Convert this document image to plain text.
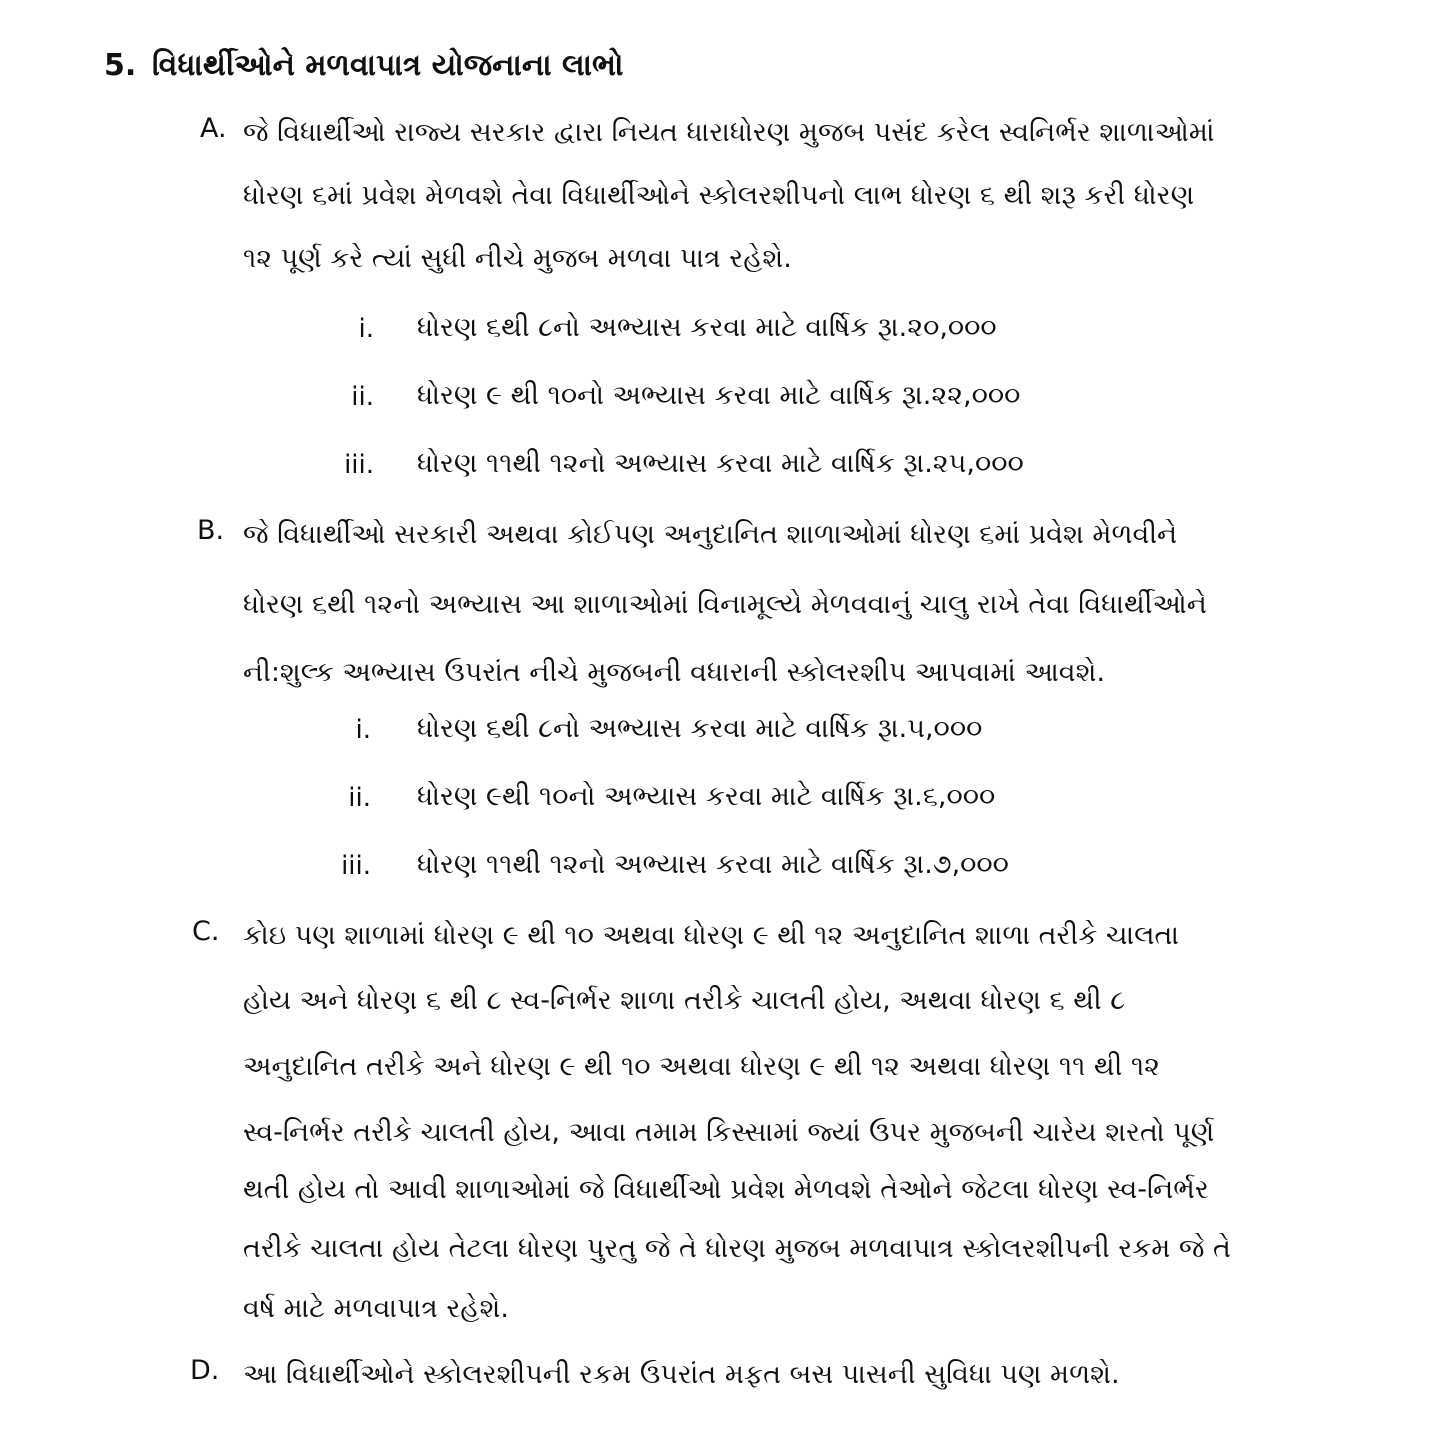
5. વિધાર્થીઓને મળવાપાત્ર યોજનાના લાભો
A. જે વિધાર્થીઓ રાજ્ય સરકાર દ્વારા નિયત ધારાધોરણ મુજબ પસંદ કરેલ સ્વનિર્ભર શાળાઓમાં
ધોરણ ૬માં પ્રવેશ મેળવશે તેવા વિધાર્થીઓને સ્કોલરશીપનો લાભ ધોરણ ૬ થી શરૂ કરી ધોરણ
૧૨ પૂર્ણ કરે ત્યાં સુધી નીચે મુજબ મળવા પાત્ર રહેશે.
i. ધોરણ ૬થી ૮નો અભ્યાસ કરવા માટે વાર્ષિક રૂા.૨૦,૦૦૦
ii. ધોરણ ૯ થી ૧૦નો અભ્યાસ કરવા માટે વાર્ષિક રૂા.૨૨,૦૦૦
iii. ધોરણ ૧૧થી ૧૨નો અભ્યાસ કરવા માટે વાર્ષિક રૂા.૨૫,૦૦૦
B. જે વિધાર્થીઓ સરકારી અથવા કોઈપણ અનુદાનિત શાળાઓમાં ધોરણ ૬માં પ્રવેશ મેળવીને
ધોરણ ૬થી ૧૨નો અભ્યાસ આ શાળાઓમાં વિનામૂલ્યે મેળવવાનું ચાલુ રાખે તેવા વિધાર્થીઓને
ની:શુલ્ક અભ્યાસ ઉપરાંત નીચે મુજબની વધારાની સ્કોલરશીપ આપવામાં આવશે.
i. ધોરણ ૬થી ૮નો અભ્યાસ કરવા માટે વાર્ષિક રૂા.૫,૦૦૦
ii. ધોરણ ૯થી ૧૦નો અભ્યાસ કરવા માટે વાર્ષિક રૂા.૬,૦૦૦
iii. ધોરણ ૧૧થી ૧૨નો અભ્યાસ કરવા માટે વાર્ષિક રૂા.૭,૦૦૦
C. કોઇ પણ શાળામાં ધોરણ ૯ થી ૧૦ અથવા ધોરણ ૯ થી ૧૨ અનુદાનિત શાળા તરીકે ચાલતા
હોય અને ધોરણ ૬ થી ૮ સ્વ-નિર્ભર શાળા તરીકે ચાલતી હોય, અથવા ધોરણ ૬ થી ૮
અનુદાનિત તરીકે અને ધોરણ ૯ થી ૧૦ અથવા ધોરણ ૯ થી ૧૨ અથવા ધોરણ ૧૧ થી ૧૨
સ્વ-નિર્ભર તરીકે ચાલતી હોય, આવા તમામ કિસ્સામાં જ્યાં ઉપર મુજબની ચારેય શરતો પૂર્ણ
થતી હોય તો આવી શાળાઓમાં જે વિધાર્થીઓ પ્રવેશ મેળવશે તેઓને જેટલા ધોરણ સ્વ-નિર્ભર
તરીકે ચાલતા હોય તેટલા ધોરણ પુરતુ જે તે ધોરણ મુજબ મળવાપાત્ર સ્કોલરશીપની રકમ જે તે
વર્ષ માટે મળવાપાત્ર રહેશે.
D. આ વિધાર્થીઓને સ્કોલરશીપની રકમ ઉપરાંત મફત બસ પાસની સુવિધા પણ મળશે.
